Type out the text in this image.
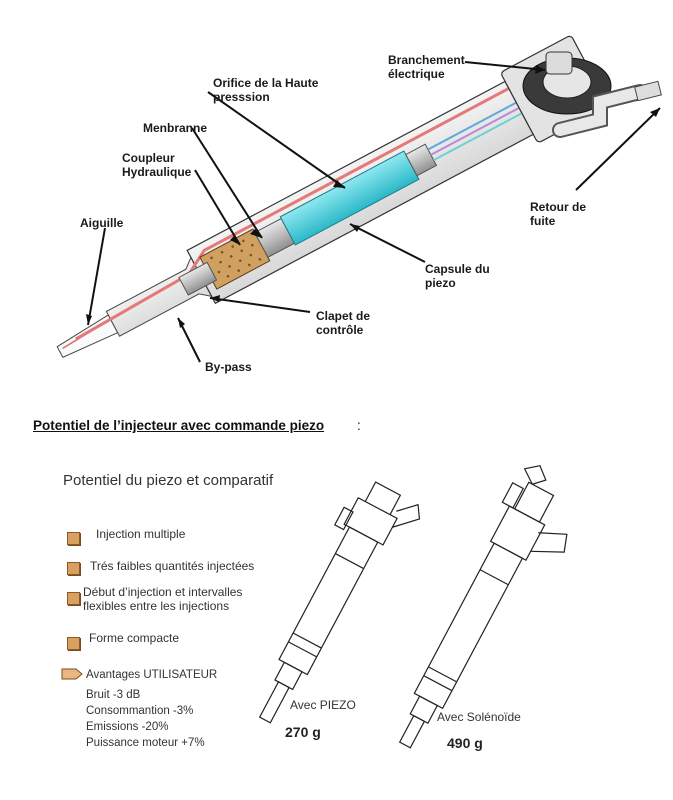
Branchement
électrique
Orifice de la Haute
presssion
Menbranne
Coupleur
Hydraulique
Aiguille
Retour de
fuite
Capsule du
piezo
Clapet de
contrôle
By-pass
Potentiel de l’injecteur avec commande piezo :
Potentiel du piezo et comparatif
Injection multiple
Trés faibles quantités injectées
Début d’injection et intervalles
flexibles entre les injections
Forme compacte
Avantages UTILISATEUR
Bruit -3 dB
Consommantion -3%
Emissions -20%
Puissance moteur +7%
Avec PIEZO
270 g
Avec Solénoïde
490 g
